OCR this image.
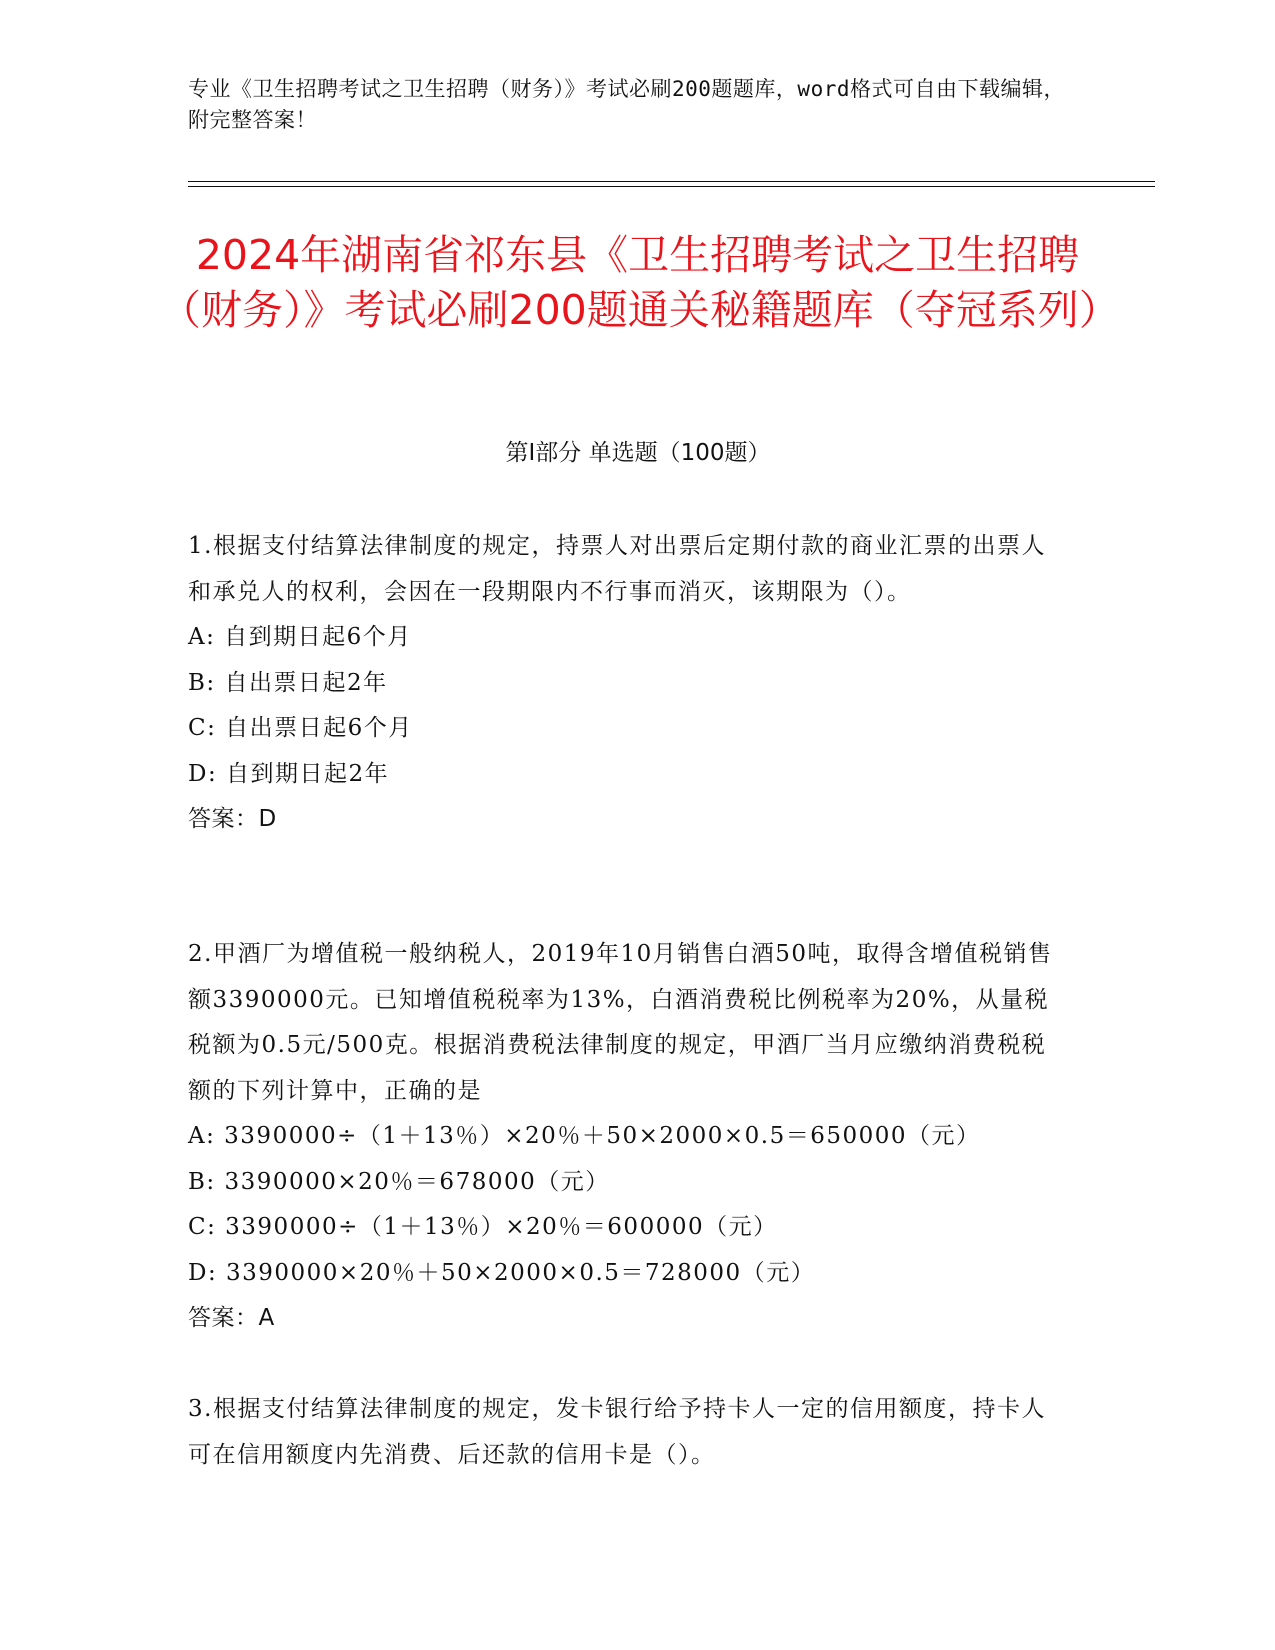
专业《卫生招聘考试之卫生招聘（财务）》考试必刷200题题库，word格式可自由下载编辑，附完整答案！
2024年湖南省祁东县《卫生招聘考试之卫生招聘（财务）》考试必刷200题通关秘籍题库（夺冠系列）
第Ⅰ部分 单选题（100题）

1.根据支付结算法律制度的规定，持票人对出票后定期付款的商业汇票的出票人和承兑人的权利，会因在一段期限内不行事而消灭，该期限为（）。

A: 自到期日起6个月
B: 自出票日起2年
C: 自出票日起6个月
D: 自到期日起2年

答案：D

2.甲酒厂为增值税一般纳税人，2019年10月销售白酒50吨，取得含增值税销售额3390000元。已知增值税税率为13%，白酒消费税比例税率为20%，从量税税额为0.5元/500克。根据消费税法律制度的规定，甲酒厂当月应缴纳消费税税额的下列计算中，正确的是

A: 3390000÷（1＋13％）×20％＋50×2000×0.5＝650000（元）
B: 3390000×20％＝678000（元）
C: 3390000÷（1＋13％）×20％＝600000（元）
D: 3390000×20％＋50×2000×0.5＝728000（元）

答案：A

3.根据支付结算法律制度的规定，发卡银行给予持卡人一定的信用额度，持卡人可在信用额度内先消费、后还款的信用卡是（）。
